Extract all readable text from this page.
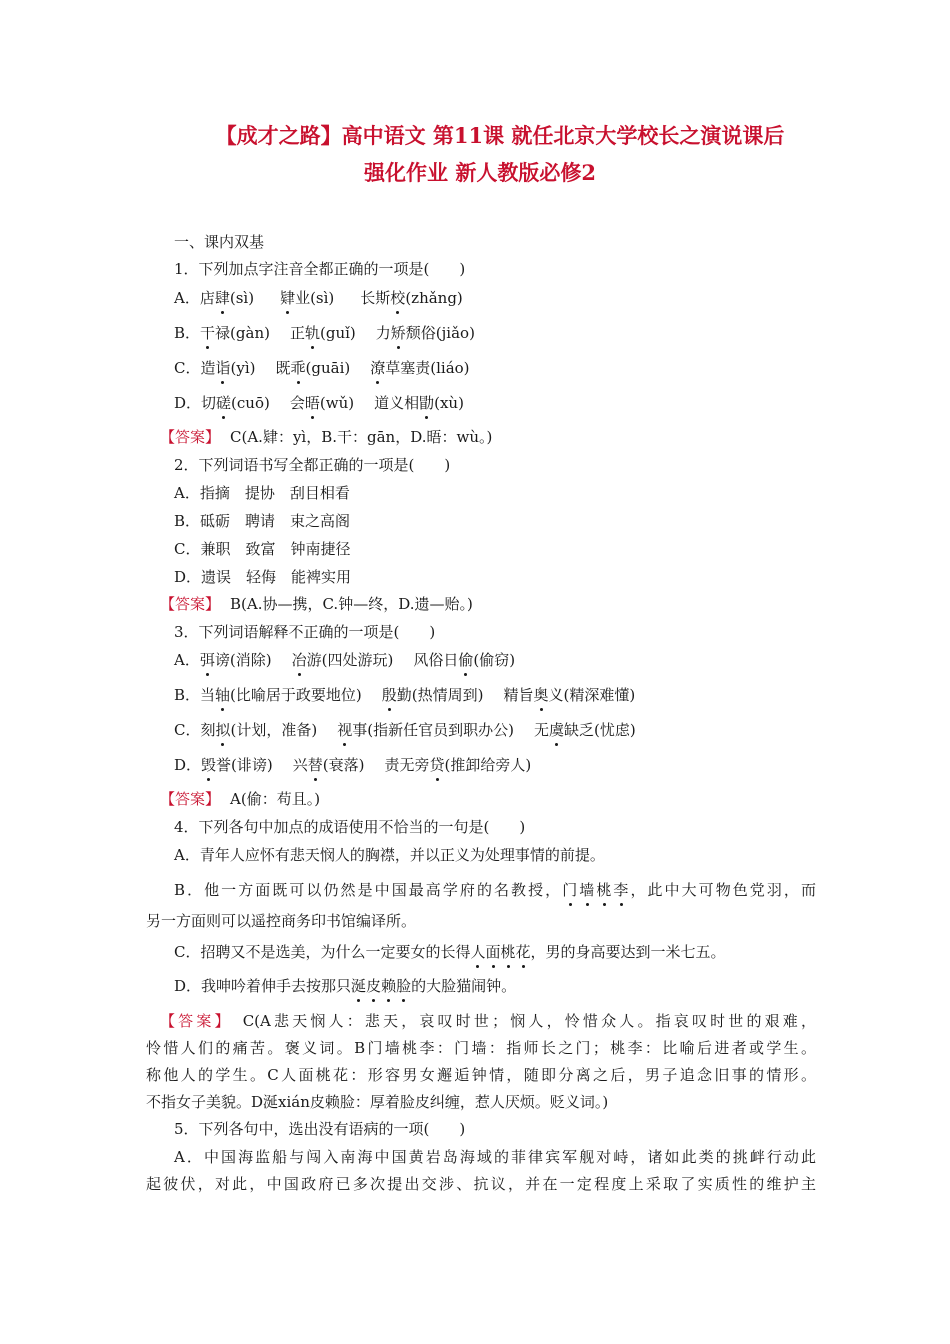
【成才之路】高中语文 第11课 就任北京大学校长之演说课后
强化作业 新人教版必修2
一、课内双基
1．下列加点字注音全都正确的一项是(　　)
A．店肆(sì) 肄业(sì) 长斯校(zhǎng)
B．干禄(gàn) 正轨(guǐ) 力矫颓俗(jiǎo)
C．造诣(yì) 既乖(guāi) 潦草塞责(liáo)
D．切磋(cuō) 会晤(wǔ) 道义相勖(xù)
【答案】 C(A.肄：yì，B.干：gān，D.晤：wù。)
2．下列词语书写全都正确的一项是(　　)
A．指摘　提协　刮目相看
B．砥砺　聘请　束之高阁
C．兼职　致富　钟南捷径
D．遗误　轻侮　能裨实用
【答案】 B(A.协—携，C.钟—终，D.遗—贻。)
3．下列词语解释不正确的一项是(　　)
A．弭谤(消除) 冶游(四处游玩) 风俗日偷(偷窃)
B．当轴(比喻居于政要地位) 殷勤(热情周到) 精旨奥义(精深难懂)
C．刻拟(计划，准备) 视事(指新任官员到职办公) 无虞缺乏(忧虑)
D．毁誉(诽谤) 兴替(衰落) 责无旁贷(推卸给旁人)
【答案】 A(偷：苟且。)
4．下列各句中加点的成语使用不恰当的一句是(　　)
A．青年人应怀有悲天悯人的胸襟，并以正义为处理事情的前提。
B．他一方面既可以仍然是中国最高学府的名教授，门墙桃李，此中大可物色党羽，而
另一方面则可以遥控商务印书馆编译所。
C．招聘又不是选美，为什么一定要女的长得人面桃花，男的身高要达到一米七五。
D．我呻吟着伸手去按那只涎皮赖脸的大脸猫闹钟。
【答案】 C(A悲天悯人：悲天，哀叹时世；悯人，怜惜众人。指哀叹时世的艰难，
怜惜人们的痛苦。褒义词。B门墙桃李：门墙：指师长之门；桃李：比喻后进者或学生。
称他人的学生。C人面桃花：形容男女邂逅钟情，随即分离之后，男子追念旧事的情形。
不指女子美貌。D涎xián皮赖脸：厚着脸皮纠缠，惹人厌烦。贬义词。)
5．下列各句中，选出没有语病的一项(　　)
A．中国海监船与闯入南海中国黄岩岛海域的菲律宾军舰对峙，诸如此类的挑衅行动此
起彼伏，对此，中国政府已多次提出交涉、抗议，并在一定程度上采取了实质性的维护主
